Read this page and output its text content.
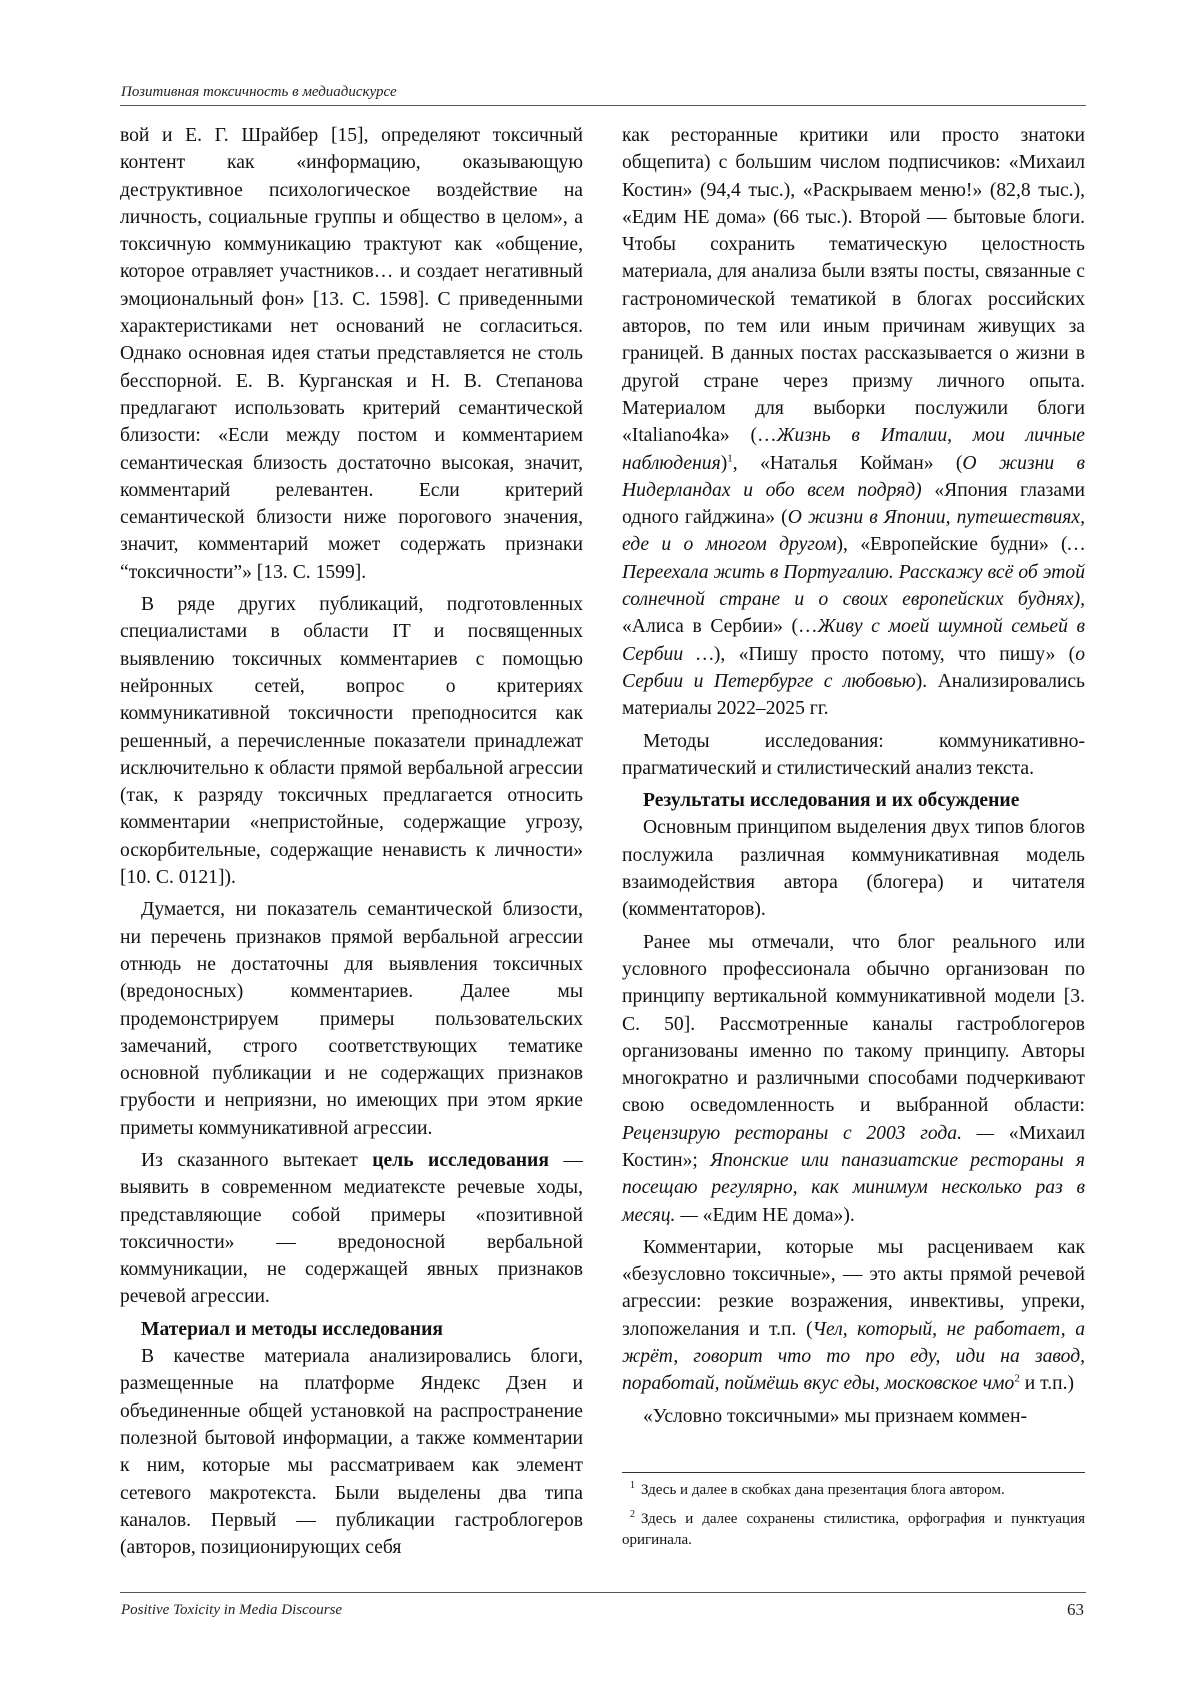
Позитивная токсичность в медиадискурсе

вой и Е. Г. Шрайбер [15], определяют токсичный контент как «информацию, оказывающую деструктивное психологическое воздействие на личность, социальные группы и общество в целом», а токсичную коммуникацию трактуют как «общение, которое отравляет участников… и создает негативный эмоциональный фон» [13. С. 1598]. С приведенными характеристиками нет оснований не согласиться. Однако основная идея статьи представляется не столь бесспорной. Е. В. Курганская и Н. В. Степанова предлагают использовать критерий семантической близости: «Если между постом и комментарием семантическая близость достаточно высокая, значит, комментарий релевантен. Если критерий семантической близости ниже порогового значения, значит, комментарий может содержать признаки “токсичности”» [13. С. 1599].

В ряде других публикаций, подготовленных специалистами в области IT и посвященных выявлению токсичных комментариев с помощью нейронных сетей, вопрос о критериях коммуникативной токсичности преподносится как решенный, а перечисленные показатели принадлежат исключительно к области прямой вербальной агрессии (так, к разряду токсичных предлагается относить комментарии «непристойные, содержащие угрозу, оскорбительные, содержащие ненависть к личности» [10. С. 0121]).

Думается, ни показатель семантической близости, ни перечень признаков прямой вербальной агрессии отнюдь не достаточны для выявления токсичных (вредоносных) комментариев. Далее мы продемонстрируем примеры пользовательских замечаний, строго соответствующих тематике основной публикации и не содержащих признаков грубости и неприязни, но имеющих при этом яркие приметы коммуникативной агрессии.

Из сказанного вытекает цель исследования — выявить в современном медиатексте речевые ходы, представляющие собой примеры «позитивной токсичности» — вредоносной вербальной коммуникации, не содержащей явных признаков речевой агрессии.

Материал и методы исследования

В качестве материала анализировались блоги, размещенные на платформе Яндекс Дзен и объединенные общей установкой на распространение полезной бытовой информации, а также комментарии к ним, которые мы рассматриваем как элемент сетевого макротекста. Были выделены два типа каналов. Первый — публикации гастроблогеров (авторов, позиционирующих себя

как ресторанные критики или просто знатоки общепита) с большим числом подписчиков: «Михаил Костин» (94,4 тыс.), «Раскрываем меню!» (82,8 тыс.), «Едим НЕ дома» (66 тыс.). Второй — бытовые блоги. Чтобы сохранить тематическую целостность материала, для анализа были взяты посты, связанные с гастрономической тематикой в блогах российских авторов, по тем или иным причинам живущих за границей. В данных постах рассказывается о жизни в другой стране через призму личного опыта. Материалом для выборки послужили блоги «Italiano4ka» (…Жизнь в Италии, мои личные наблюдения)$^1$, «Наталья Койман» (О жизни в Нидерландах и обо всем подряд) «Япония глазами одного гайджина» (О жизни в Японии, путешествиях, еде и о многом другом), «Европейские будни» (… Переехала жить в Португалию. Расскажу всё об этой солнечной стране и о своих европейских буднях), «Алиса в Сербии» (…Живу с моей шумной семьей в Сербии …), «Пишу просто потому, что пишу» (о Сербии и Петербурге с любовью). Анализировались материалы 2022–2025 гг.

Методы исследования: коммуникативно-прагматический и стилистический анализ текста.

Результаты исследования и их обсуждение

Основным принципом выделения двух типов блогов послужила различная коммуникативная модель взаимодействия автора (блогера) и читателя (комментаторов).

Ранее мы отмечали, что блог реального или условного профессионала обычно организован по принципу вертикальной коммуникативной модели [3. С. 50]. Рассмотренные каналы гастроблогеров организованы именно по такому принципу. Авторы многократно и различными способами подчеркивают свою осведомленность и выбранной области: Рецензирую рестораны с 2003 года. — «Михаил Костин»; Японские или паназиатские рестораны я посещаю регулярно, как минимум несколько раз в месяц. — «Едим НЕ дома»).

Комментарии, которые мы расцениваем как «безусловно токсичные», — это акты прямой речевой агрессии: резкие возражения, инвективы, упреки, злопожелания и т.п. (Чел, который, не работает, а жрёт, говорит что то про еду, иди на завод, поработай, поймёшь вкус еды, московское чмо$^2$ и т.п.)

«Условно токсичными» мы признаем коммен-

$^1$ Здесь и далее в скобках дана презентация блога автором.

$^2$ Здесь и далее сохранены стилистика, орфография и пунктуация оригинала.

Positive Toxicity in Media Discourse	63
